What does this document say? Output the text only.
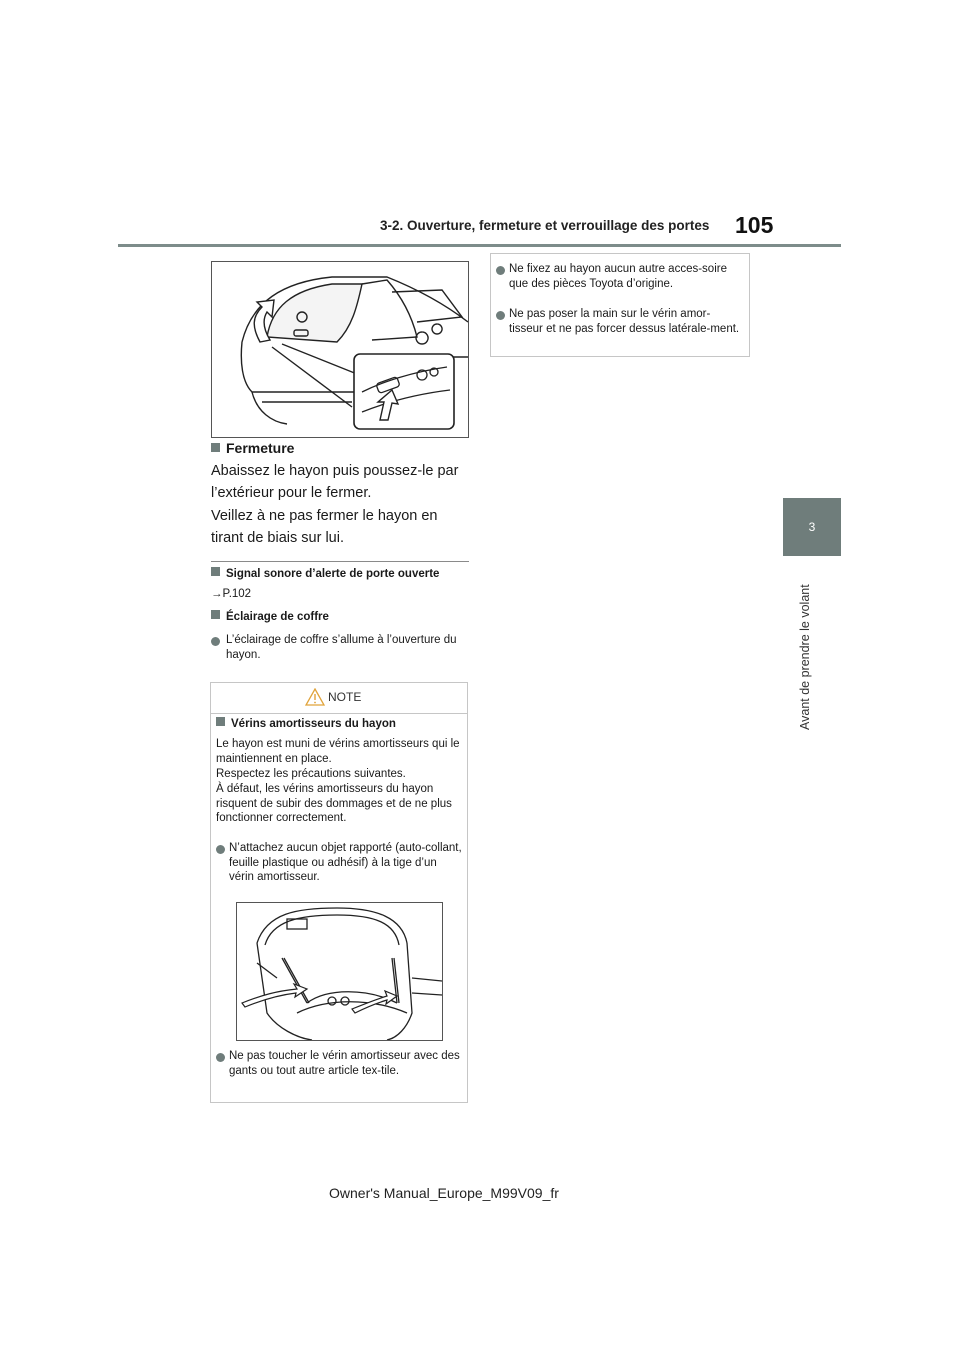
3-2. Ouverture, fermeture et verrouillage des portes 105
3
Avant de prendre le volant
Fermeture
Abaissez le hayon puis poussez-le par l’extérieur pour le fermer.
Veillez à ne pas fermer le hayon en tirant de biais sur lui.
Signal sonore d’alerte de porte ouverte
→P.102
Éclairage de coffre
L’éclairage de coffre s’allume à l’ouverture du hayon.
NOTE
Vérins amortisseurs du hayon
Le hayon est muni de vérins amortisseurs qui le maintiennent en place.
Respectez les précautions suivantes.
À défaut, les vérins amortisseurs du hayon risquent de subir des dommages et de ne plus fonctionner correctement.
N’attachez aucun objet rapporté (auto-collant, feuille plastique ou adhésif) à la tige d’un vérin amortisseur.
Ne pas toucher le vérin amortisseur avec des gants ou tout autre article tex-tile.
Ne fixez au hayon aucun autre acces-soire que des pièces Toyota d’origine.
Ne pas poser la main sur le vérin amor-tisseur et ne pas forcer dessus latérale-ment.
Owner's Manual_Europe_M99V09_fr
